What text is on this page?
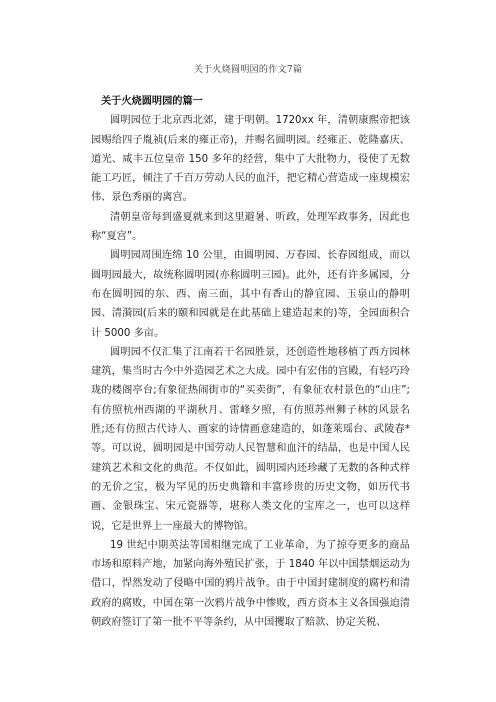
关于火烧圆明园的作文7篇

关于火烧圆明园的篇一

圆明园位于北京西北郊，建于明朝。1720xx 年，清朝康熙帝把该园赐给四子胤祯(后来的雍正帝)，并赐名圆明园。经雍正、乾隆嘉庆、道光、咸丰五位皇帝 150 多年的经营，集中了大批物力，役使了无数能工巧匠，倾注了千百万劳动人民的血汗，把它精心营造成一座规模宏伟、景色秀丽的离宫。

清朝皇帝每到盛夏就来到这里避暑、听政，处理军政事务，因此也称“夏宫”。

圆明园周围连绵 10 公里，由圆明园、万春园、长春园组成，而以圆明园最大，故统称圆明园(亦称圆明三园)。此外，还有许多属园，分布在圆明园的东、西、南三面，其中有香山的静宜园、玉泉山的静明园、清漪园(后来的颐和园就是在此基础上建造起来的)等，全园面积合计 5000 多亩。

圆明园不仅汇集了江南若干名园胜景，还创造性地移植了西方园林建筑，集当时古今中外造园艺术之大成。园中有宏伟的宫殿，有轻巧玲珑的楼阁亭台;有象征热闹街市的“买卖街”，有象征农村景色的“山庄”;有仿照杭州西湖的平湖秋月、雷峰夕照，有仿照苏州狮子林的风景名胜;还有仿照古代诗人、画家的诗情画意建造的，如蓬莱瑶台、武陵春*等。可以说，圆明园是中国劳动人民智慧和血汗的结晶，也是中国人民建筑艺术和文化的典范。不仅如此，圆明园内还珍藏了无数的各种式样的无价之宝，极为罕见的历史典籍和丰富珍贵的历史文物，如历代书画、金银珠宝、宋元瓷器等，堪称人类文化的宝库之一，也可以这样说，它是世界上一座最大的博物馆。

19 世纪中期英法等国相继完成了工业革命，为了掠夺更多的商品市场和原料产地，加紧向海外殖民扩张，于 1840 年以中国禁烟运动为借口，悍然发动了侵略中国的鸦片战争。由于中国封建制度的腐朽和清政府的腐败，中国在第一次鸦片战争中惨败，西方资本主义各国强迫清朝政府签订了第一批不平等条约，从中国攫取了赔款、协定关税、
